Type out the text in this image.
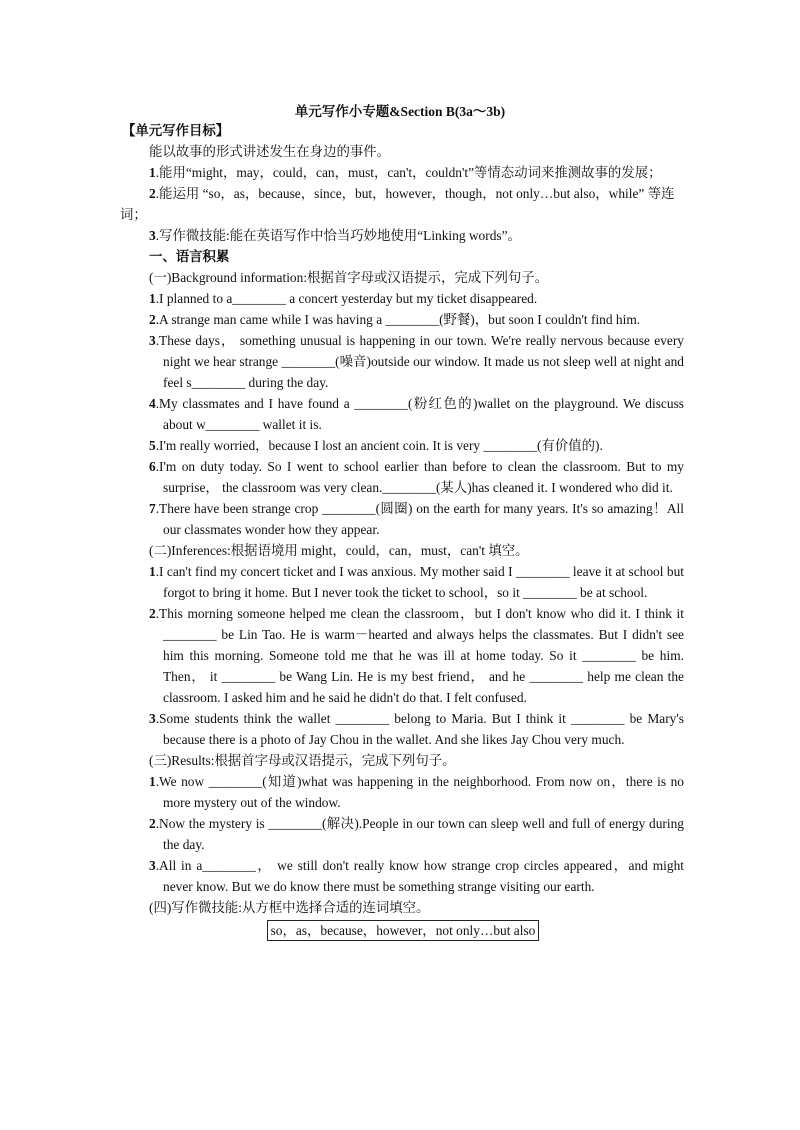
单元写作小专题&Section B(3a～3b)
【单元写作目标】
能以故事的形式讲述发生在身边的事件。
1.能用“might，may，could，can，must，can't，couldn't”等情态动词来推测故事的发展；
2.能运用 “so，as，because，since，but，however，though，not only…but also，while” 等连
词；
3.写作微技能:能在英语写作中恰当巧妙地使用“Linking words”。
一、语言积累
(一)Background information:根据首字母或汉语提示，完成下列句子。
1.I planned to a________ a concert yesterday but my ticket disappeared.
2.A strange man came while I was having a ________(野餐)，but soon I couldn't find him.
3.These days， something unusual is happening in our town. We're really nervous because every night we hear strange ________(噪音)outside our window. It made us not sleep well at night and feel s________ during the day.
4.My classmates and I have found a ________(粉红色的)wallet on the playground. We discuss about w________ wallet it is.
5.I'm really worried，because I lost an ancient coin. It is very ________(有价值的).
6.I'm on duty today. So I went to school earlier than before to clean the classroom. But to my surprise， the classroom was very clean.________(某人)has cleaned it. I wondered who did it.
7.There have been strange crop ________(圆圈) on the earth for many years. It's so amazing！All our classmates wonder how they appear.
(二)Inferences:根据语境用 might，could，can，must，can't 填空。
1.I can't find my concert ticket and I was anxious. My mother said I ________ leave it at school but forgot to bring it home. But I never took the ticket to school，so it ________ be at school.
2.This morning someone helped me clean the classroom，but I don't know who did it. I think it ________ be Lin Tao. He is warm－hearted and always helps the classmates. But I didn't see him this morning. Someone told me that he was ill at home today. So it ________ be him. Then， it ________ be Wang Lin. He is my best friend， and he ________ help me clean the classroom. I asked him and he said he didn't do that. I felt confused.
3.Some students think the wallet ________ belong to Maria. But I think it ________ be Mary's because there is a photo of Jay Chou in the wallet. And she likes Jay Chou very much.
(三)Results:根据首字母或汉语提示，完成下列句子。
1.We now ________(知道)what was happening in the neighborhood. From now on，there is no more mystery out of the window.
2.Now the mystery is ________(解决).People in our town can sleep well and full of energy during the day.
3.All in a________， we still don't really know how strange crop circles appeared，and might never know. But we do know there must be something strange visiting our earth.
(四)写作微技能:从方框中选择合适的连词填空。
so，as，because，however，not only…but also
